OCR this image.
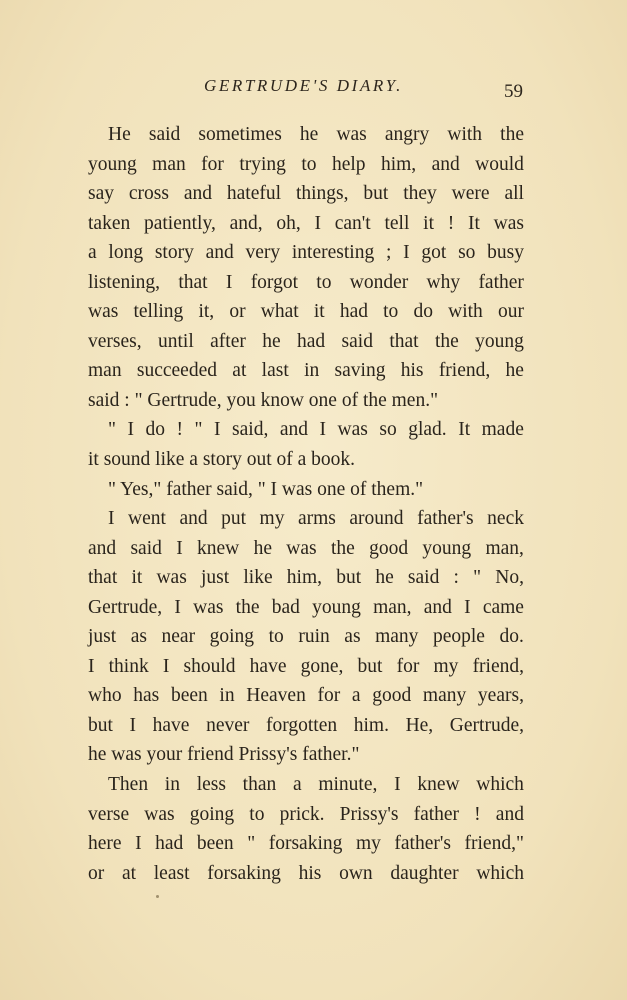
GERTRUDE'S DIARY.	59
He said sometimes he was angry with the
young man for trying to help him, and would
say cross and hateful things, but they were all
taken patiently, and, oh, I can't tell it ! It was
a long story and very interesting ; I got so busy
listening, that I forgot to wonder why father
was telling it, or what it had to do with our
verses, until after he had said that the young
man succeeded at last in saving his friend, he
said : " Gertrude, you know one of the men."
" I do ! " I said, and I was so glad. It made
it sound like a story out of a book.
" Yes," father said, " I was one of them."
I went and put my arms around father's neck
and said I knew he was the good young man,
that it was just like him, but he said : " No,
Gertrude, I was the bad young man, and I came
just as near going to ruin as many people do.
I think I should have gone, but for my friend,
who has been in Heaven for a good many years,
but I have never forgotten him. He, Gertrude,
he was your friend Prissy's father."
Then in less than a minute, I knew which
verse was going to prick. Prissy's father ! and
here I had been " forsaking my father's friend,"
or at least forsaking his own daughter which
